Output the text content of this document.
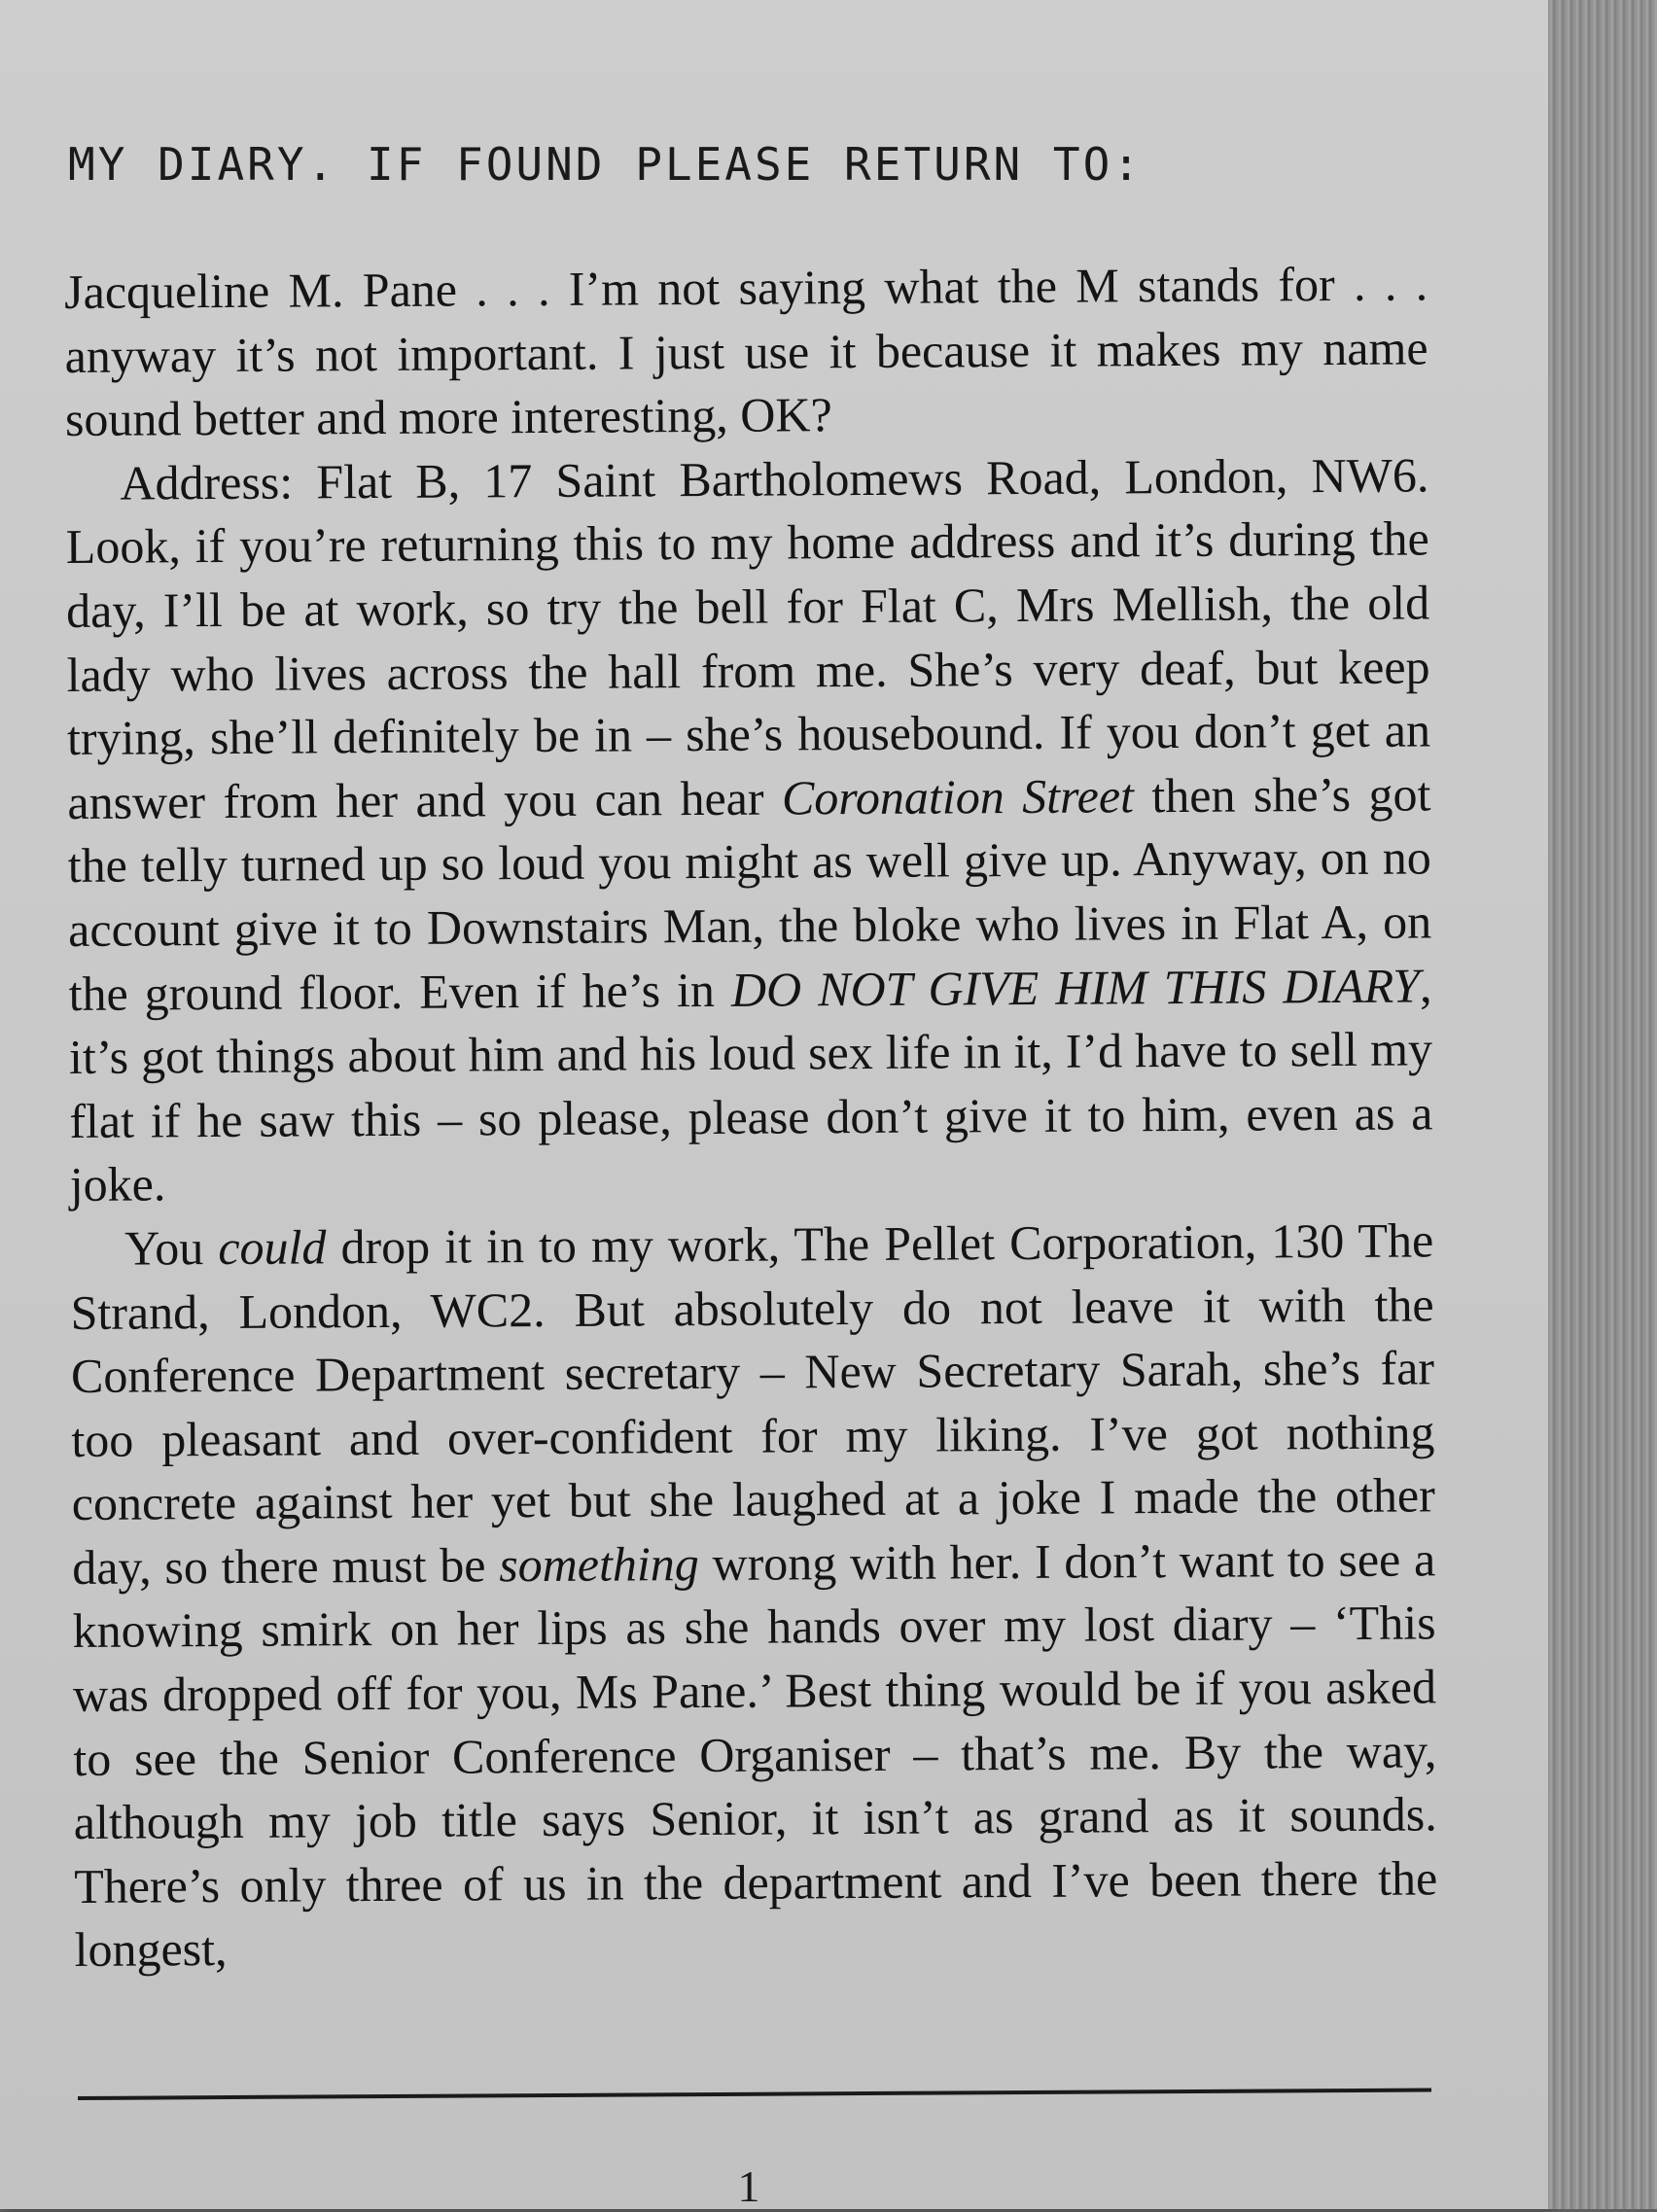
MY DIARY. IF FOUND PLEASE RETURN TO:

Jacqueline M. Pane . . . I’m not saying what the M stands for . . . anyway it’s not important. I just use it because it makes my name sound better and more interesting, OK?

Address: Flat B, 17 Saint Bartholomews Road, London, NW6. Look, if you’re returning this to my home address and it’s during the day, I’ll be at work, so try the bell for Flat C, Mrs Mellish, the old lady who lives across the hall from me. She’s very deaf, but keep trying, she’ll definitely be in – she’s housebound. If you don’t get an answer from her and you can hear Coronation Street then she’s got the telly turned up so loud you might as well give up. Anyway, on no account give it to Downstairs Man, the bloke who lives in Flat A, on the ground floor. Even if he’s in DO NOT GIVE HIM THIS DIARY, it’s got things about him and his loud sex life in it, I’d have to sell my flat if he saw this – so please, please don’t give it to him, even as a joke.

You could drop it in to my work, The Pellet Corporation, 130 The Strand, London, WC2. But absolutely do not leave it with the Conference Department secretary – New Secretary Sarah, she’s far too pleasant and over-confident for my liking. I’ve got nothing concrete against her yet but she laughed at a joke I made the other day, so there must be something wrong with her. I don’t want to see a knowing smirk on her lips as she hands over my lost diary – ‘This was dropped off for you, Ms Pane.’ Best thing would be if you asked to see the Senior Conference Organiser – that’s me. By the way, although my job title says Senior, it isn’t as grand as it sounds. There’s only three of us in the department and I’ve been there the longest,

1
